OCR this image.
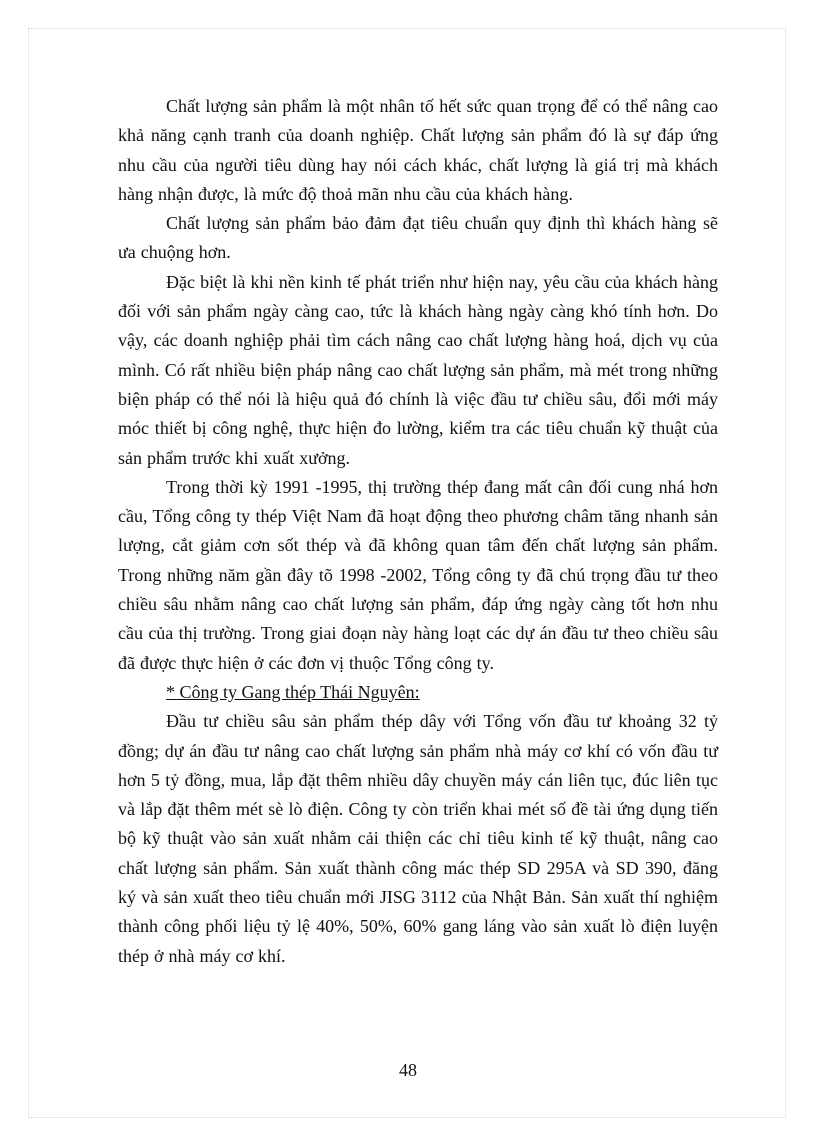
Chất lượng sản phẩm là một nhân tố hết sức quan trọng để có thể nâng cao khả năng cạnh tranh của doanh nghiệp. Chất lượng sản phẩm đó là sự đáp ứng nhu cầu của người tiêu dùng hay nói cách khác, chất lượng là giá trị mà khách hàng nhận được, là mức độ thoả mãn nhu cầu của khách hàng.

Chất lượng sản phẩm bảo đảm đạt tiêu chuẩn quy định thì khách hàng sẽ ưa chuộng hơn.

Đặc biệt là khi nền kinh tế phát triển như hiện nay, yêu cầu của khách hàng đối với sản phẩm ngày càng cao, tức là khách hàng ngày càng khó tính hơn. Do vậy, các doanh nghiệp phải tìm cách nâng cao chất lượng hàng hoá, dịch vụ của mình. Có rất nhiều biện pháp nâng cao chất lượng sản phẩm, mà mét trong những biện pháp có thể nói là hiệu quả đó chính là việc đầu tư chiều sâu, đổi mới máy móc thiết bị công nghệ, thực hiện đo lường, kiểm tra các tiêu chuẩn kỹ thuật của sản phẩm trước khi xuất xưởng.

Trong thời kỳ 1991 -1995, thị trường thép đang mất cân đối cung nhá hơn cầu, Tổng công ty thép Việt Nam đã hoạt động theo phương châm tăng nhanh sản lượng, cắt giảm cơn sốt thép và đã không quan tâm đến chất lượng sản phẩm. Trong những năm gần đây tõ 1998 -2002, Tổng công ty đã chú trọng đầu tư theo chiều sâu nhằm nâng cao chất lượng sản phẩm, đáp ứng ngày càng tốt hơn nhu cầu của thị trường. Trong giai đoạn này hàng loạt các dự án đầu tư theo chiều sâu đã được thực hiện ở các đơn vị thuộc Tổng công ty.

* Công ty Gang thép Thái Nguyên:

Đầu tư chiều sâu sản phẩm thép dây với Tổng vốn đầu tư khoảng 32 tỷ đồng; dự án đầu tư nâng cao chất lượng sản phẩm nhà máy cơ khí có vốn đầu tư hơn 5 tỷ đồng, mua, lắp đặt thêm nhiều dây chuyền máy cán liên tục, đúc liên tục và lắp đặt thêm mét sè lò điện. Công ty còn triển khai mét số đề tài ứng dụng tiến bộ kỹ thuật vào sản xuất nhằm cải thiện các chỉ tiêu kinh tế kỹ thuật, nâng cao chất lượng sản phẩm. Sản xuất thành công mác thép SD 295A và SD 390, đăng ký và sản xuất theo tiêu chuẩn mới JISG 3112 của Nhật Bản. Sản xuất thí nghiệm thành công phối liệu tỷ lệ 40%, 50%, 60% gang láng vào sản xuất lò điện luyện thép ở nhà máy cơ khí.

48
